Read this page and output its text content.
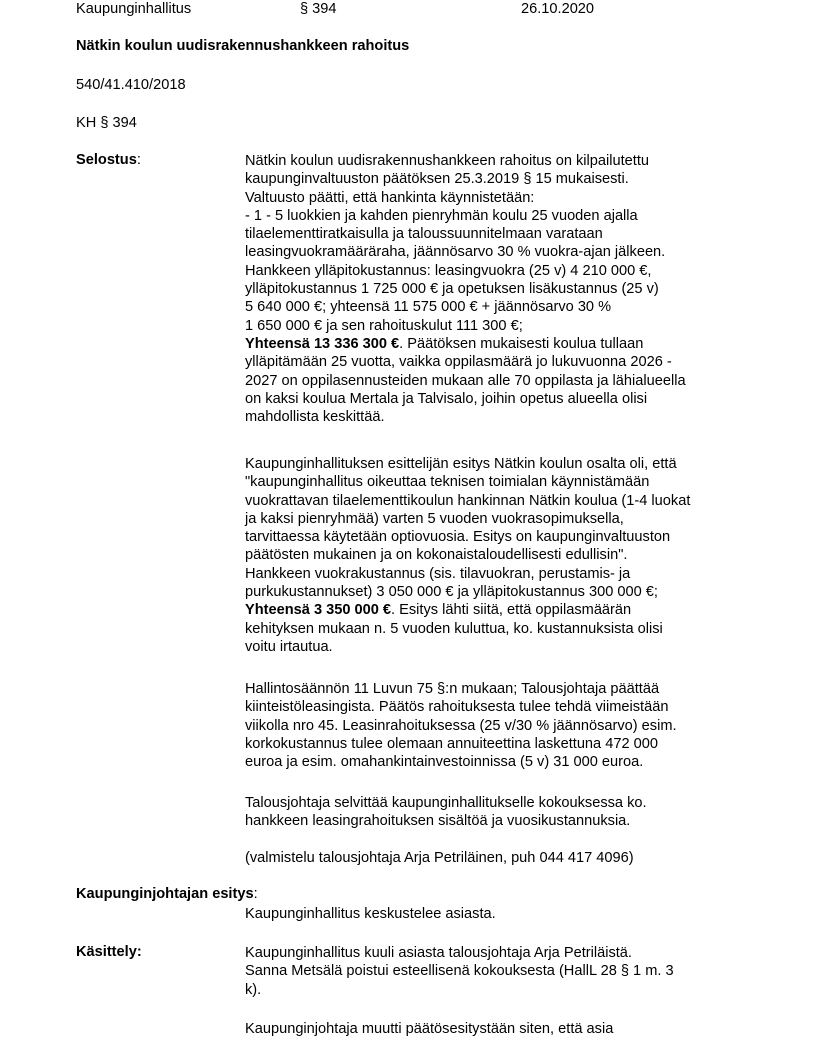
Kaupunginhallitus	§ 394	26.10.2020
Nätkin koulun uudisrakennushankkeen rahoitus
540/41.410/2018
KH § 394
Selostus:	Nätkin koulun uudisrakennushankkeen rahoitus on kilpailutettu
kaupunginvaltuuston päätöksen 25.3.2019 § 15 mukaisesti.
Valtuusto päätti, että hankinta käynnistetään:
- 1 - 5 luokkien ja kahden pienryhmän koulu 25 vuoden ajalla
tilaelementtiratkaisulla ja taloussuunnitelmaan varataan
leasingvuokramääräraha, jäännösarvo 30 % vuokra-ajan jälkeen.
Hankkeen ylläpitokustannus: leasingvuokra (25 v) 4 210 000 €,
ylläpitokustannus 1 725 000 € ja opetuksen lisäkustannus (25 v)
5 640 000 €; yhteensä 11 575 000 € + jäännösarvo 30 %
1 650 000 € ja sen rahoituskulut 111 300 €;
Yhteensä 13 336 300 €. Päätöksen mukaisesti koulua tullaan
ylläpitämään 25 vuotta, vaikka oppilasmäärä jo lukuvuonna 2026 -
2027 on oppilasennusteiden mukaan alle 70 oppilasta ja lähialueella
on kaksi koulua Mertala ja Talvisalo, joihin opetus alueella olisi
mahdollista keskittää.
Kaupunginhallituksen esittelijän esitys Nätkin koulun osalta oli, että
"kaupunginhallitus oikeuttaa teknisen toimialan käynnistämään
vuokrattavan tilaelementtikoulun hankinnan Nätkin koulua (1-4 luokat
ja kaksi pienryhmää) varten 5 vuoden vuokrasopimuksella,
tarvittaessa käytetään optiovuosia. Esitys on kaupunginvaltuuston
päätösten mukainen ja on kokonaistaloudellisesti edullisin".
Hankkeen vuokrakustannus (sis. tilavuokran, perustamis- ja
purkukustannukset) 3 050 000 € ja ylläpitokustannus 300 000 €;
Yhteensä 3 350 000 €. Esitys lähti siitä, että oppilasmäärän
kehityksen mukaan n. 5 vuoden kuluttua, ko. kustannuksista olisi
voitu irtautua.
Hallintosäännön 11 Luvun 75 §:n mukaan; Talousjohtaja päättää
kiinteistöleasingista. Päätös rahoituksesta tulee tehdä viimeistään
viikolla nro 45. Leasinrahoituksessa (25 v/30 % jäännösarvo) esim.
korkokustannus tulee olemaan annuiteettina laskettuna 472 000
euroa ja esim. omahankintainvestoinnissa (5 v) 31 000 euroa.
Talousjohtaja selvittää kaupunginhallitukselle kokouksessa ko.
hankkeen leasingrahoituksen sisältöä ja vuosikustannuksia.
(valmistelu talousjohtaja Arja Petriläinen, puh 044 417 4096)
Kaupunginjohtajan esitys:
Kaupunginhallitus keskustelee asiasta.
Käsittely:	Kaupunginhallitus kuuli asiasta talousjohtaja Arja Petriläistä.
Sanna Metsälä poistui esteellisenä kokouksesta (HallL 28 § 1 m. 3
k).
Kaupunginjohtaja muutti päätösesitystään siten, että asia
